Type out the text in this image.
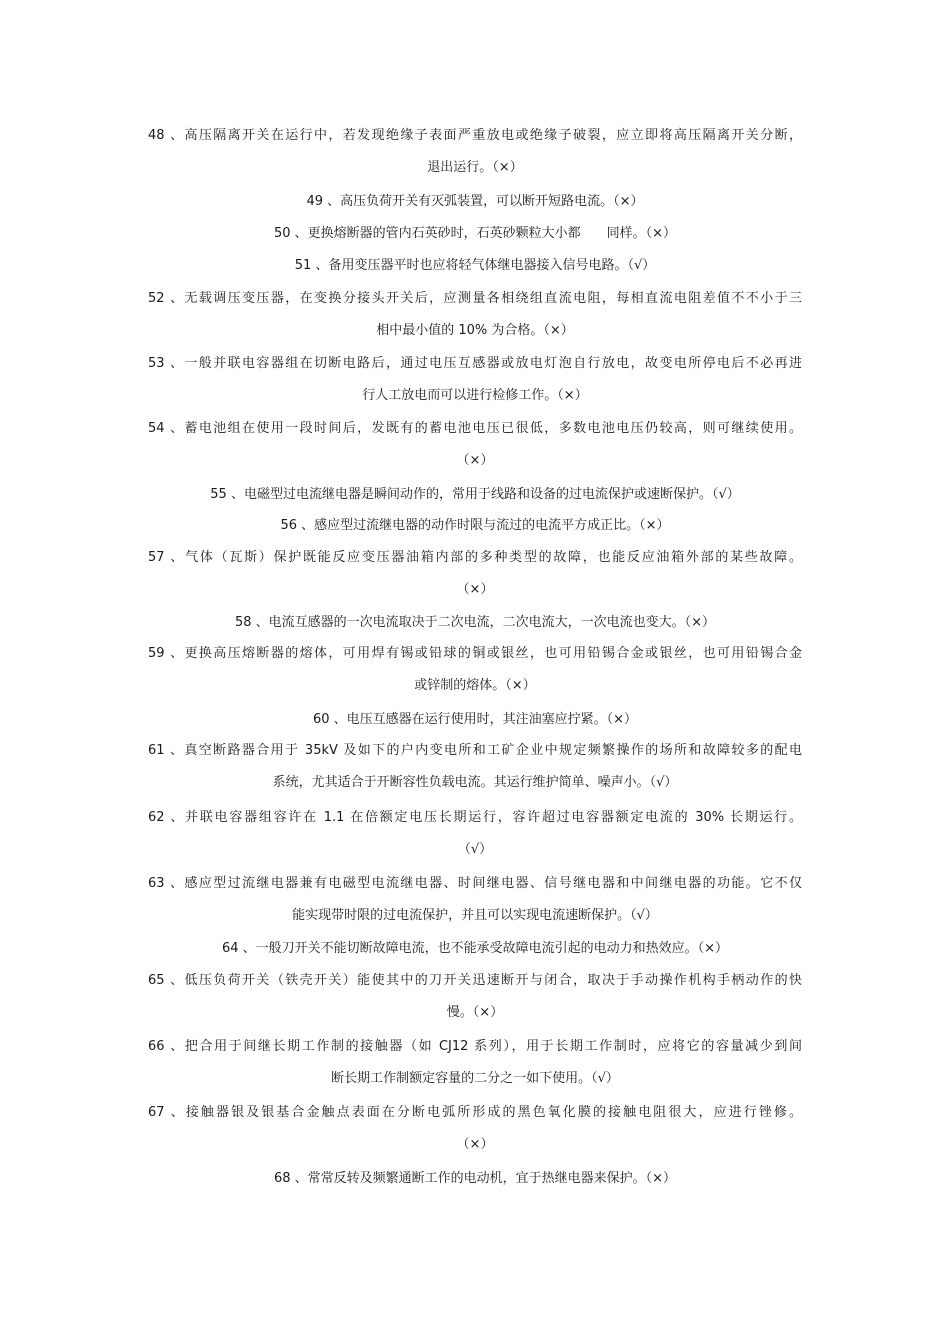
48 、高压隔离开关在运行中，若发现绝缘子表面严重放电或绝缘子破裂，应立即将高压隔离开关分断，
退出运行。（×）
49 、高压负荷开关有灭弧装置，可以断开短路电流。（×）
50 、更换熔断器的管内石英砂时，石英砂颗粒大小都　　同样。（×）
51 、备用变压器平时也应将轻气体继电器接入信号电路。（√）
52 、无载调压变压器，在变换分接头开关后，应测量各相绕组直流电阻，每相直流电阻差值不不小于三
相中最小值的 10% 为合格。（×）
53 、一般并联电容器组在切断电路后，通过电压互感器或放电灯泡自行放电，故变电所停电后不必再进
行人工放电而可以进行检修工作。（×）
54 、蓄电池组在使用一段时间后，发既有的蓄电池电压已很低，多数电池电压仍较高，则可继续使用。
（×）
55 、电磁型过电流继电器是瞬间动作的，常用于线路和设备的过电流保护或速断保护。（√）
56 、感应型过流继电器的动作时限与流过的电流平方成正比。（×）
57 、气体（瓦斯）保护既能反应变压器油箱内部的多种类型的故障，也能反应油箱外部的某些故障。
（×）
58 、电流互感器的一次电流取决于二次电流，二次电流大，一次电流也变大。（×）
59 、更换高压熔断器的熔体，可用焊有锡或铅球的铜或银丝，也可用铅锡合金或银丝，也可用铅锡合金
或锌制的熔体。（×）
60 、电压互感器在运行使用时，其注油塞应拧紧。（×）
61 、真空断路器合用于 35kV 及如下的户内变电所和工矿企业中规定频繁操作的场所和故障较多的配电
系统，尤其适合于开断容性负载电流。其运行维护简单、噪声小。（√）
62 、并联电容器组容许在 1.1 在倍额定电压长期运行，容许超过电容器额定电流的 30% 长期运行。
（√）
63 、感应型过流继电器兼有电磁型电流继电器、时间继电器、信号继电器和中间继电器的功能。它不仅
能实现带时限的过电流保护，并且可以实现电流速断保护。（√）
64 、一般刀开关不能切断故障电流，也不能承受故障电流引起的电动力和热效应。（×）
65 、低压负荷开关（铁壳开关）能使其中的刀开关迅速断开与闭合，取决于手动操作机构手柄动作的快
慢。（×）
66 、把合用于间继长期工作制的接触器（如 CJ12 系列），用于长期工作制时，应将它的容量减少到间
断长期工作制额定容量的二分之一如下使用。（√）
67 、接触器银及银基合金触点表面在分断电弧所形成的黑色氧化膜的接触电阻很大，应进行锉修。
（×）
68 、常常反转及频繁通断工作的电动机，宜于热继电器来保护。（×）
